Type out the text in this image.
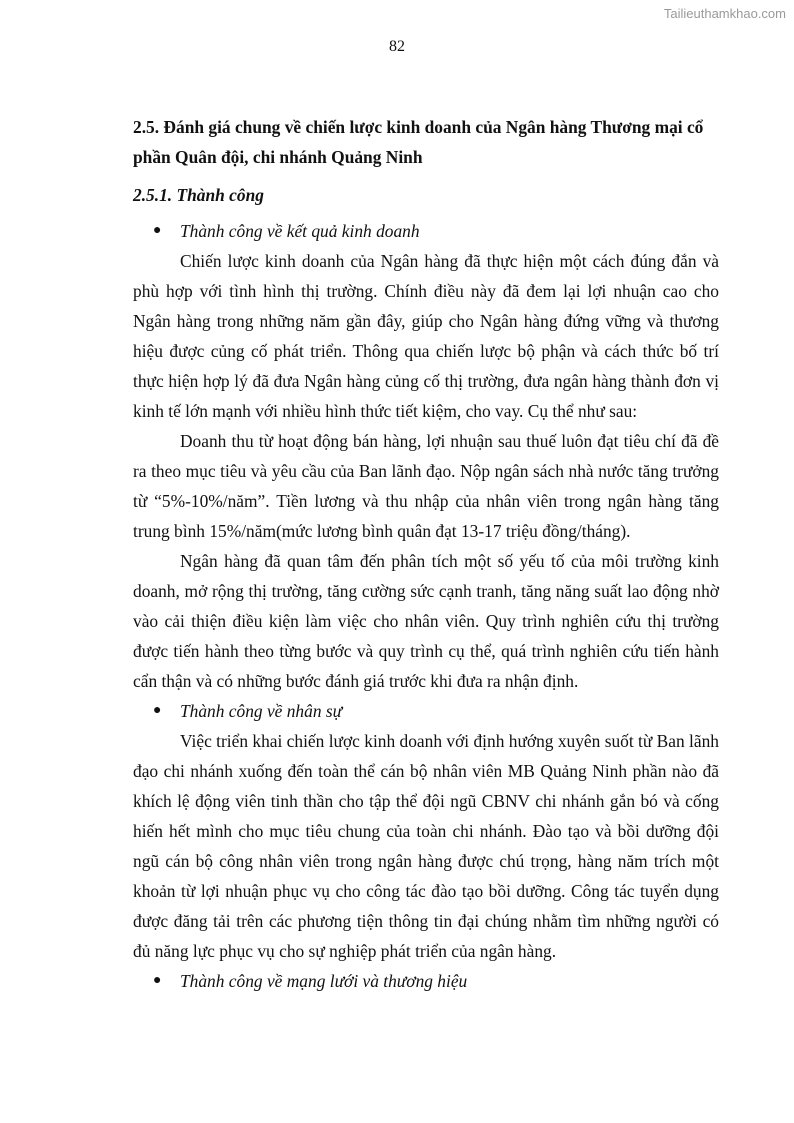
Tailieuthamkhao.com
82

2.5. Đánh giá chung về chiến lược kinh doanh của Ngân hàng Thương mại cổ phần Quân đội, chi nhánh Quảng Ninh

2.5.1. Thành công

● Thành công về kết quả kinh doanh

Chiến lược kinh doanh của Ngân hàng đã thực hiện một cách đúng đắn và phù hợp với tình hình thị trường. Chính điều này đã đem lại lợi nhuận cao cho Ngân hàng trong những năm gần đây, giúp cho Ngân hàng đứng vững và thương hiệu được củng cố phát triển. Thông qua chiến lược bộ phận và cách thức bố trí thực hiện hợp lý đã đưa Ngân hàng củng cố thị trường, đưa ngân hàng thành đơn vị kinh tế lớn mạnh với nhiều hình thức tiết kiệm, cho vay. Cụ thể như sau:

Doanh thu từ hoạt động bán hàng, lợi nhuận sau thuế luôn đạt tiêu chí đã đề ra theo mục tiêu và yêu cầu của Ban lãnh đạo. Nộp ngân sách nhà nước tăng trưởng từ “5%-10%/năm”. Tiền lương và thu nhập của nhân viên trong ngân hàng tăng trung bình 15%/năm(mức lương bình quân đạt 13-17 triệu đồng/tháng).

Ngân hàng đã quan tâm đến phân tích một số yếu tố của môi trường kinh doanh, mở rộng thị trường, tăng cường sức cạnh tranh, tăng năng suất lao động nhờ vào cải thiện điều kiện làm việc cho nhân viên. Quy trình nghiên cứu thị trường được tiến hành theo từng bước và quy trình cụ thể, quá trình nghiên cứu tiến hành cẩn thận và có những bước đánh giá trước khi đưa ra nhận định.

● Thành công về nhân sự

Việc triển khai chiến lược kinh doanh với định hướng xuyên suốt từ Ban lãnh đạo chi nhánh xuống đến toàn thể cán bộ nhân viên MB Quảng Ninh phần nào đã khích lệ động viên tinh thần cho tập thể đội ngũ CBNV chi nhánh gắn bó và cống hiến hết mình cho mục tiêu chung của toàn chi nhánh. Đào tạo và bồi dưỡng đội ngũ cán bộ công nhân viên trong ngân hàng được chú trọng, hàng năm trích một khoản từ lợi nhuận phục vụ cho công tác đào tạo bồi dưỡng. Công tác tuyển dụng được đăng tải trên các phương tiện thông tin đại chúng nhằm tìm những người có đủ năng lực phục vụ cho sự nghiệp phát triển của ngân hàng.

● Thành công về mạng lưới và thương hiệu
